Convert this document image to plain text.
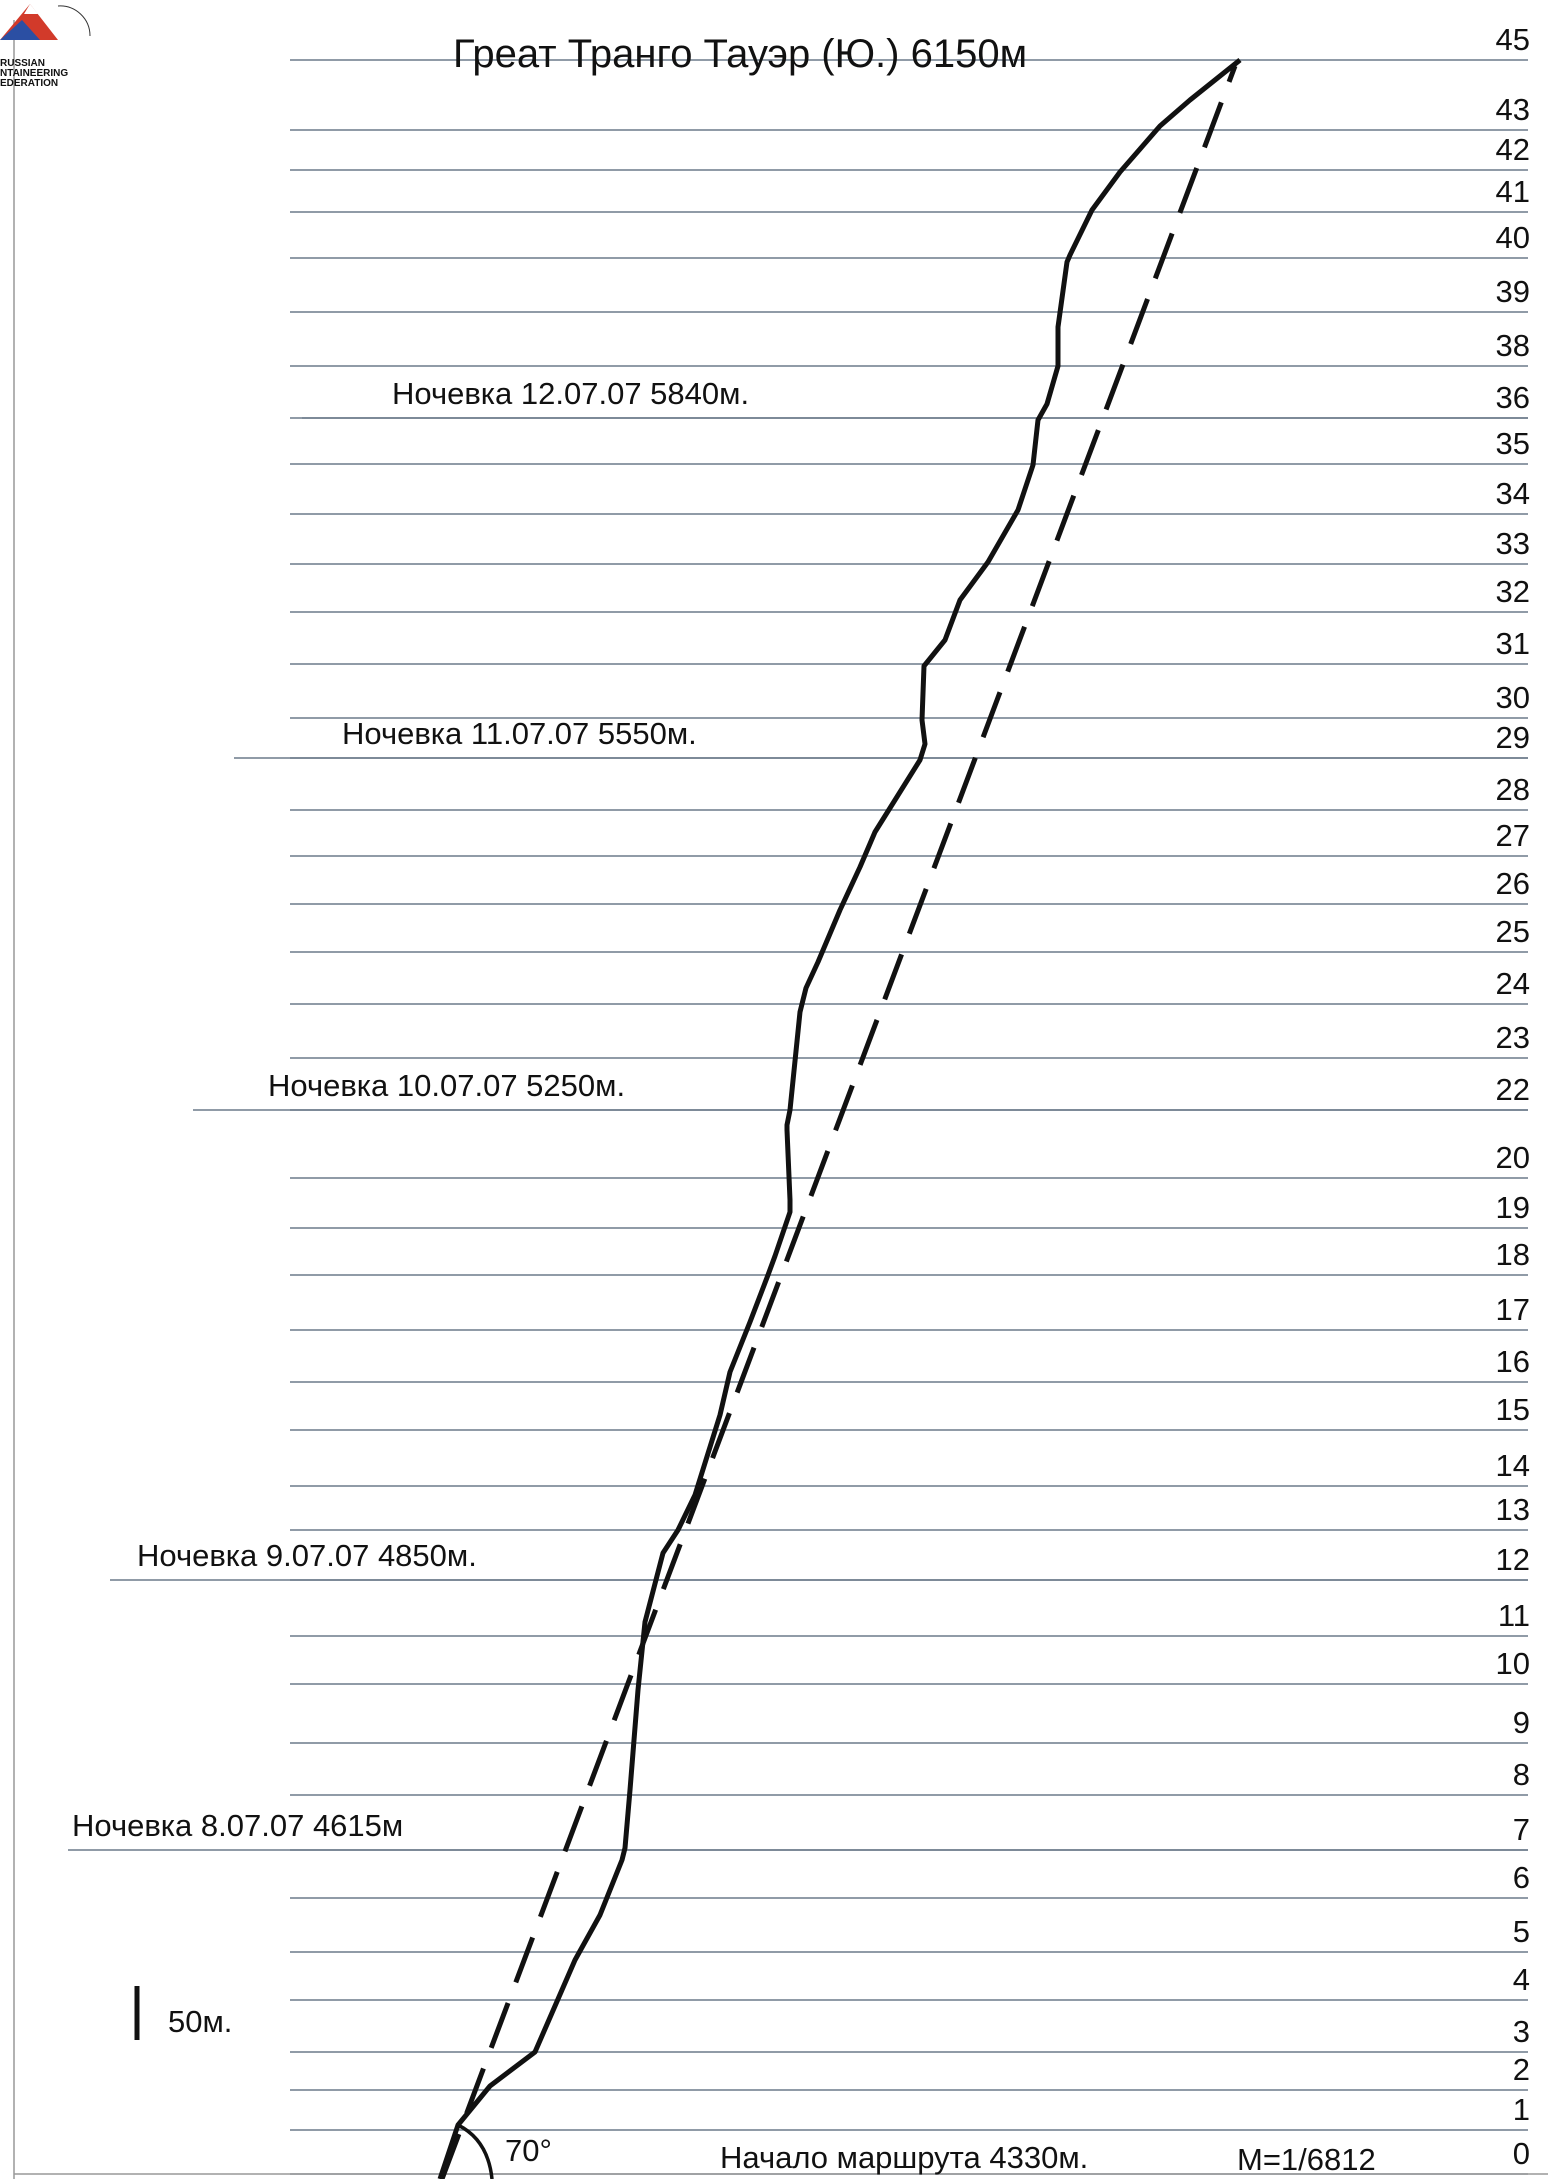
RUSSIAN
NTAINEERING
EDERATION
Греат Транго Тауэр (Ю.) 6150м
Ночевка 12.07.07 5840м.
Ночевка 11.07.07 5550м.
Ночевка 10.07.07 5250м.
Ночевка 9.07.07 4850м.
Ночевка 8.07.07 4615м
45
43
42
41
40
39
38
36
35
34
33
32
31
30
29
28
27
26
25
24
23
22
20
19
18
17
16
15
14
13
12
11
10
9
8
7
6
5
4
3
2
1
0
50м.
70°	Начало маршрута 4330м.	М=1/6812
